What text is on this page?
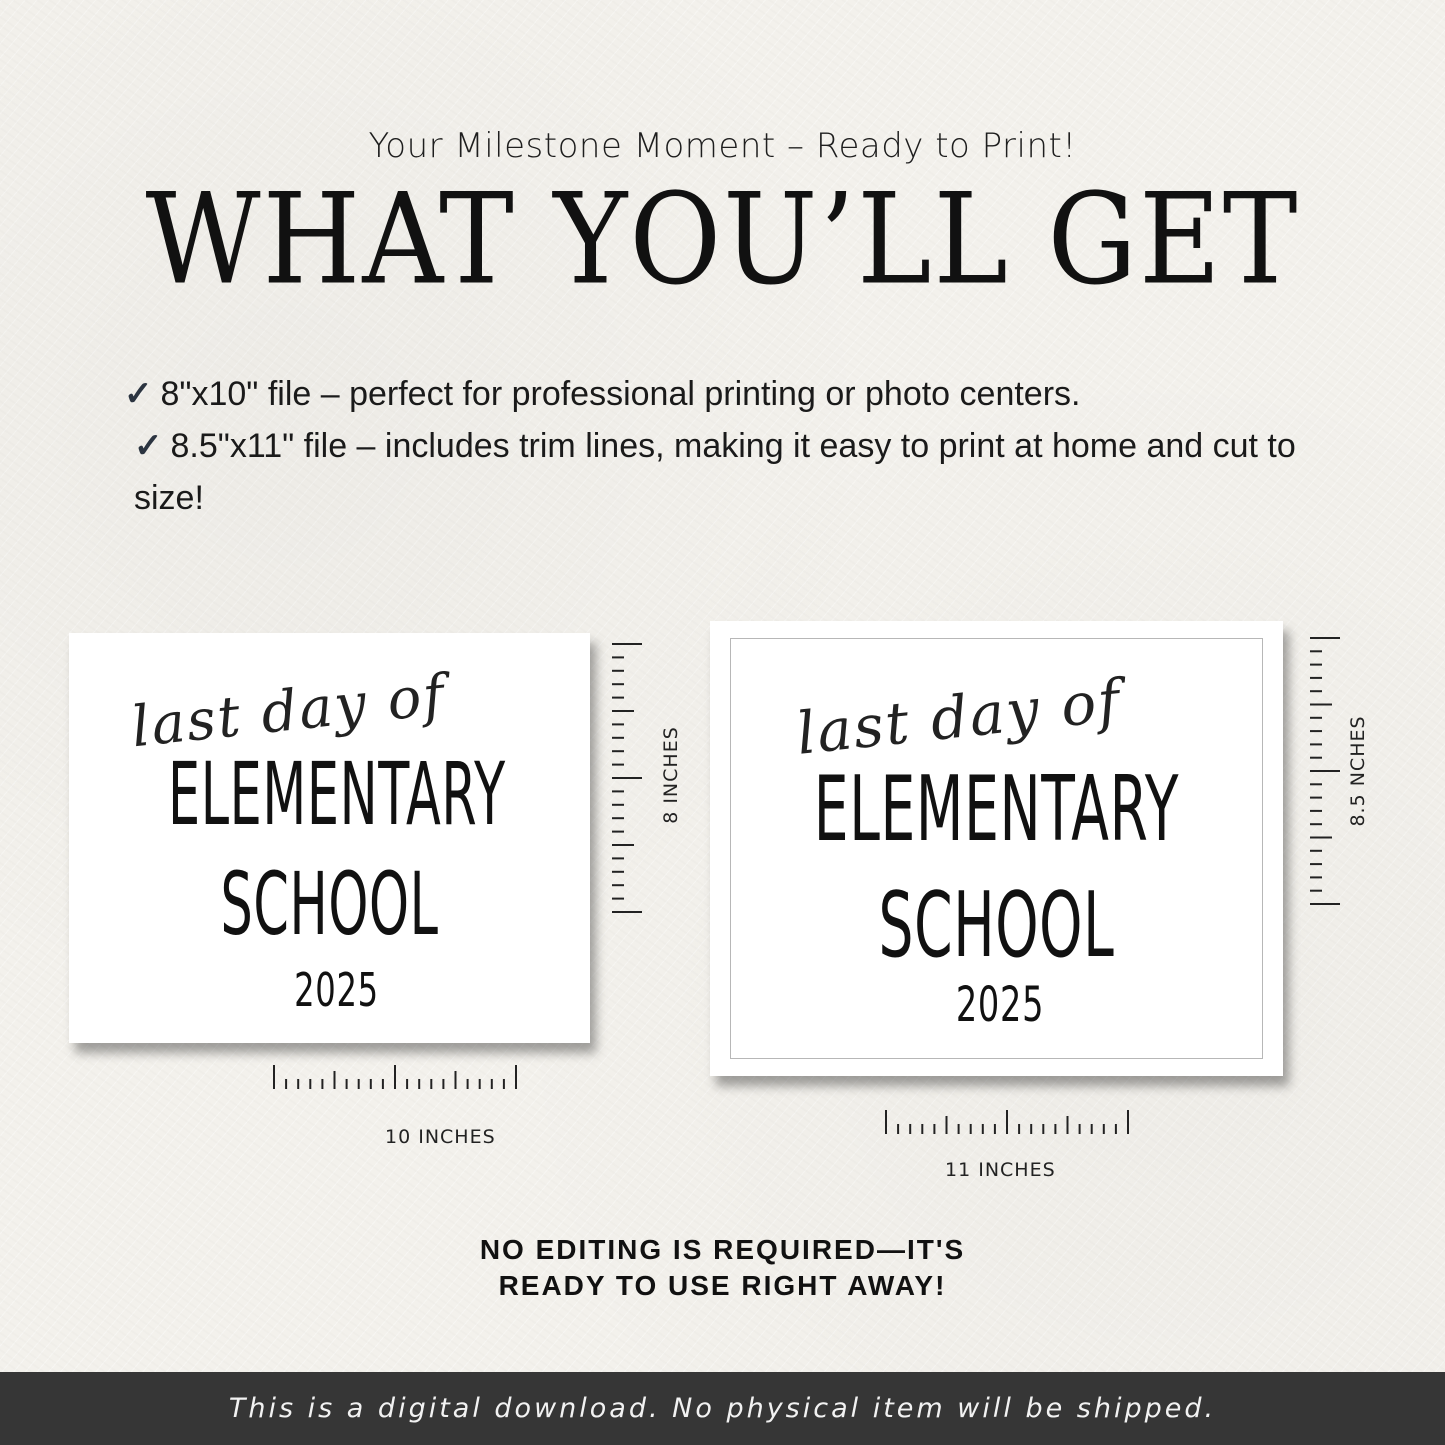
Your Milestone Moment – Ready to Print!
WHAT YOU’LL GET
✓ 8"x10" file – perfect for professional printing or photo centers.
✓ 8.5"x11" file – includes trim lines, making it easy to print at home and cut to size!
last day of
ELEMENTARY
SCHOOL
2025
last day of
ELEMENTARY
SCHOOL
2025
8 INCHES
10 INCHES
8.5 NCHES
11 INCHES
NO EDITING IS REQUIRED—IT'S
READY TO USE RIGHT AWAY!
This is a digital download. No physical item will be shipped.
